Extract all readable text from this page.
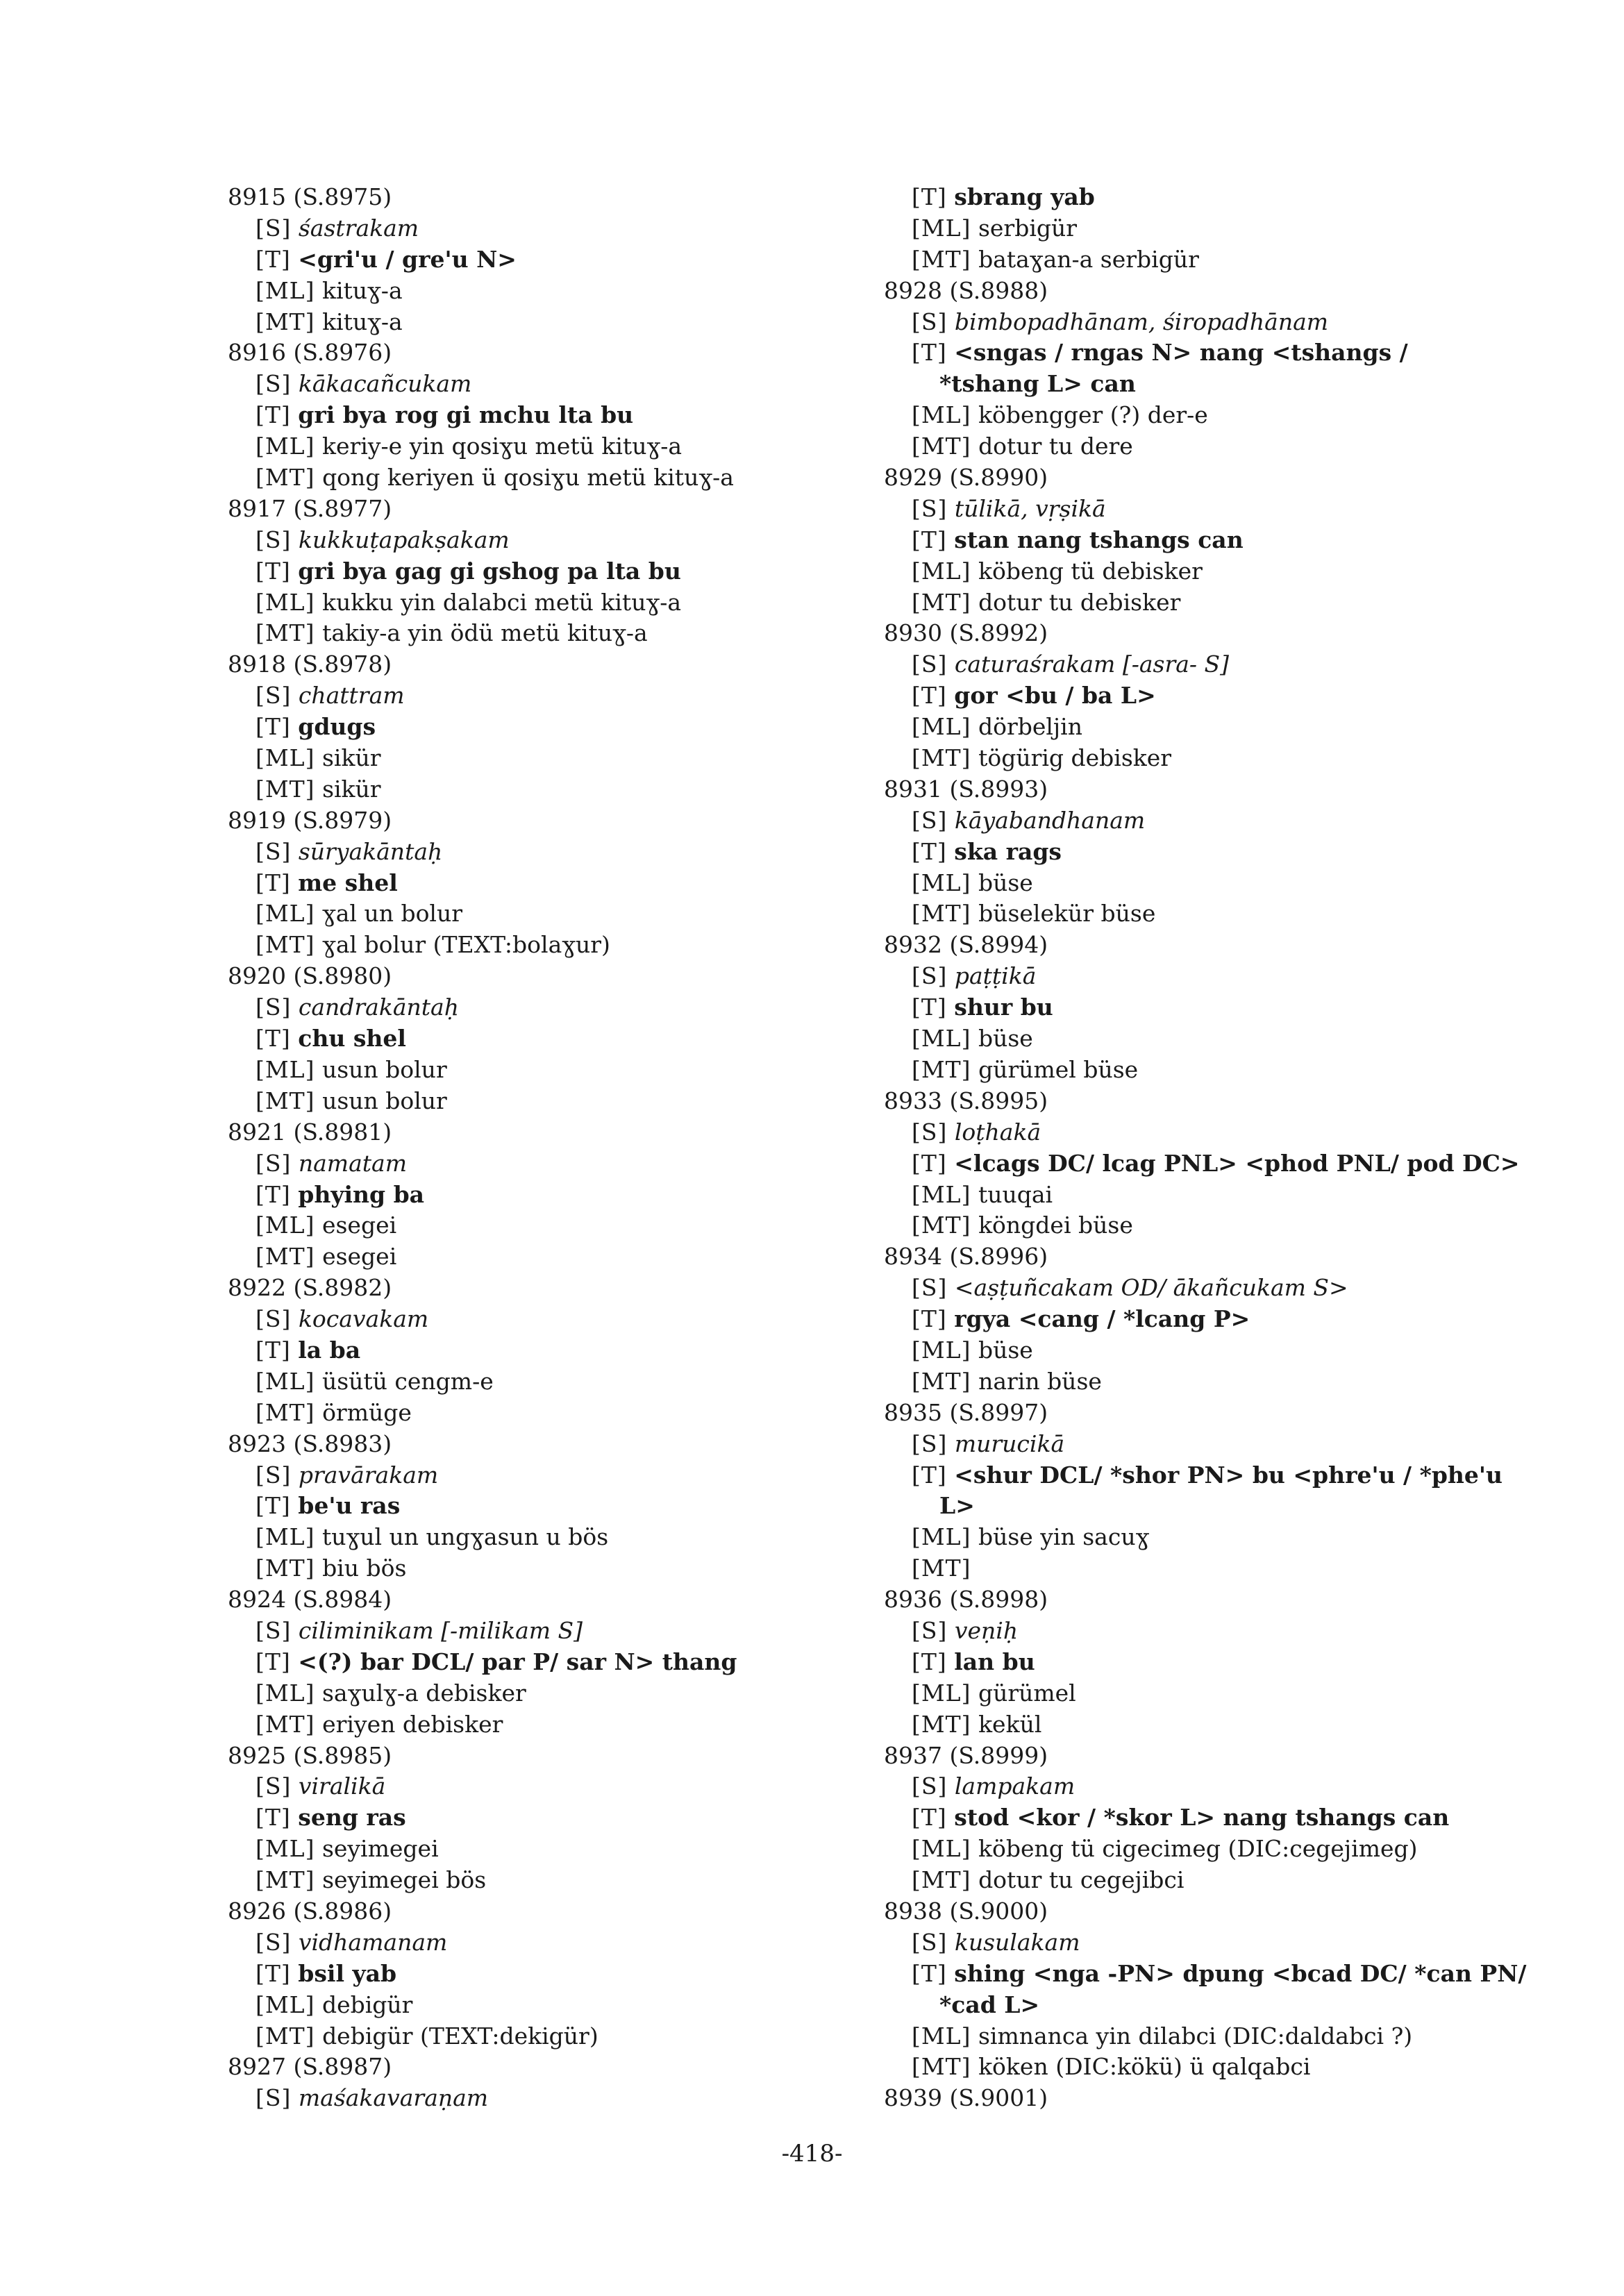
8915 (S.8975)
[S] śastrakam
[T] <gri'u / gre'u N>
[ML] kituɣ-a
[MT] kituɣ-a
8916 (S.8976)
[S] kākacañcukam
[T] gri bya rog gi mchu lta bu
[ML] keriy-e yin qosiɣu metü kituɣ-a
[MT] qong keriyen ü qosiɣu metü kituɣ-a
8917 (S.8977)
[S] kukkuṭapakṣakam
[T] gri bya gag gi gshog pa lta bu
[ML] kukku yin dalabci metü kituɣ-a
[MT] takiy-a yin ödü metü kituɣ-a
8918 (S.8978)
[S] chattram
[T] gdugs
[ML] sikür
[MT] sikür
8919 (S.8979)
[S] sūryakāntaḥ
[T] me shel
[ML] ɣal un bolur
[MT] ɣal bolur (TEXT:bolaɣur)
8920 (S.8980)
[S] candrakāntaḥ
[T] chu shel
[ML] usun bolur
[MT] usun bolur
8921 (S.8981)
[S] namatam
[T] phying ba
[ML] esegei
[MT] esegei
8922 (S.8982)
[S] kocavakam
[T] la ba
[ML] üsütü cengm-e
[MT] örmüge
8923 (S.8983)
[S] pravārakam
[T] be'u ras
[ML] tuɣul un ungɣasun u bös
[MT] biu bös
8924 (S.8984)
[S] ciliminikam [-milikam S]
[T] <(?) bar DCL/ par P/ sar N> thang
[ML] saɣulɣ-a debisker
[MT] eriyen debisker
8925 (S.8985)
[S] viralikā
[T] seng ras
[ML] seyimegei
[MT] seyimegei bös
8926 (S.8986)
[S] vidhamanam
[T] bsil yab
[ML] debigür
[MT] debigür (TEXT:dekigür)
8927 (S.8987)
[S] maśakavaraṇam
[T] sbrang yab
[ML] serbigür
[MT] bataɣan-a serbigür
8928 (S.8988)
[S] bimbopadhānam, śiropadhānam
[T] <sngas / rngas N> nang <tshangs /
*tshang L> can
[ML] köbengger (?) der-e
[MT] dotur tu dere
8929 (S.8990)
[S] tūlikā, vṛṣikā
[T] stan nang tshangs can
[ML] köbeng tü debisker
[MT] dotur tu debisker
8930 (S.8992)
[S] caturaśrakam [-asra- S]
[T] gor <bu / ba L>
[ML] dörbeljin
[MT] tögürig debisker
8931 (S.8993)
[S] kāyabandhanam
[T] ska rags
[ML] büse
[MT] büselekür büse
8932 (S.8994)
[S] paṭṭikā
[T] shur bu
[ML] büse
[MT] gürümel büse
8933 (S.8995)
[S] loṭhakā
[T] <lcags DC/ lcag PNL> <phod PNL/ pod DC>
[ML] tuuqai
[MT] köngdei büse
8934 (S.8996)
[S] <aṣṭuñcakam OD/ ākañcukam S>
[T] rgya <cang / *lcang P>
[ML] büse
[MT] narin büse
8935 (S.8997)
[S] murucikā
[T] <shur DCL/ *shor PN> bu <phre'u / *phe'u
L>
[ML] büse yin sacuɣ
[MT]
8936 (S.8998)
[S] veṇiḥ
[T] lan bu
[ML] gürümel
[MT] kekül
8937 (S.8999)
[S] lampakam
[T] stod <kor / *skor L> nang tshangs can
[ML] köbeng tü cigecimeg (DIC:cegejimeg)
[MT] dotur tu cegejibci
8938 (S.9000)
[S] kusulakam
[T] shing <nga -PN> dpung <bcad DC/ *can PN/
*cad L>
[ML] simnanca yin dilabci (DIC:daldabci ?)
[MT] köken (DIC:kökü) ü qalqabci
8939 (S.9001)
-418-
